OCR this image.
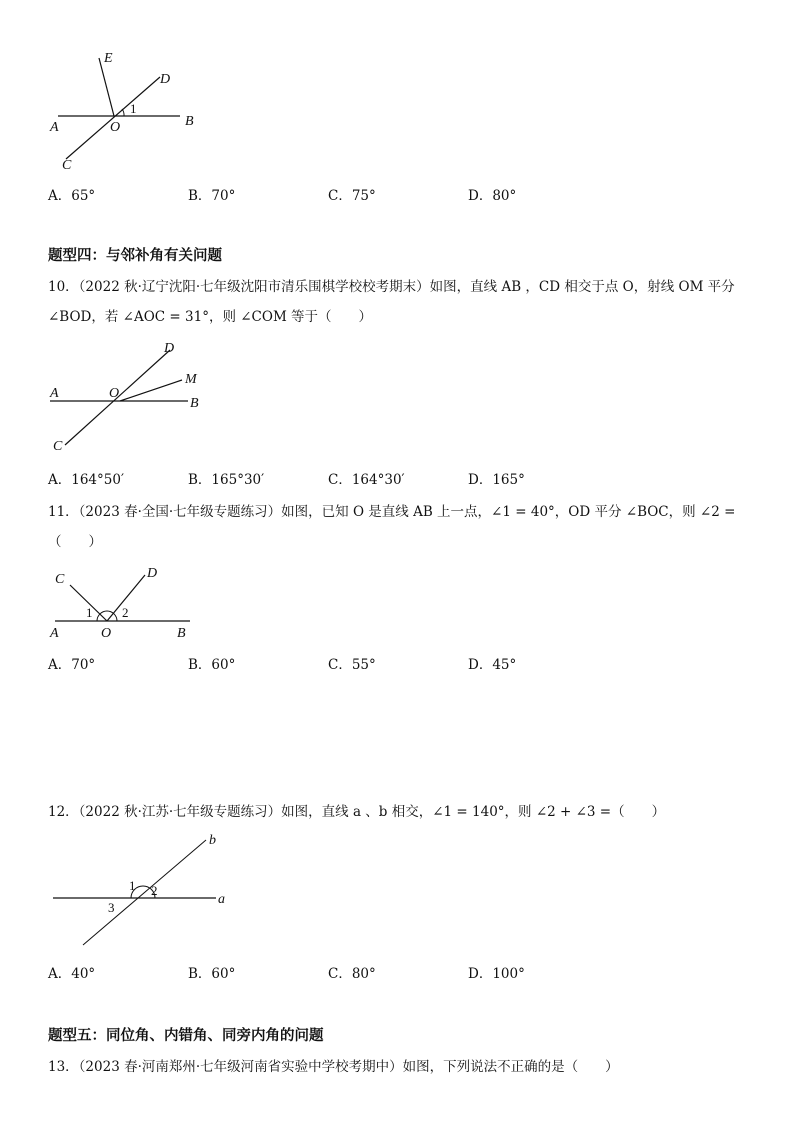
E
D
1
A	O	B
C
A．65°	B．70°	C．75°	D．80°
题型四：与邻补角有关问题
10．（2022 秋·辽宁沈阳·七年级沈阳市清乐围棋学校校考期末）如图，直线 AB ，CD 相交于点 O，射线 OM 平分
∠BOD，若 ∠AOC = 31°，则 ∠COM 等于（　　）
D
M
A	O
B
C
A．164°50′	B．165°30′	C．164°30′	D．165°
11．（2023 春·全国·七年级专题练习）如图，已知 O 是直线 AB 上一点，∠1 = 40°，OD 平分 ∠BOC，则 ∠2 =
（　　）
C	D
1 2
A	O	B
A．70°	B．60°	C．55°	D．45°
12．（2022 秋·江苏·七年级专题练习）如图，直线 a 、b 相交，∠1 = 140°，则 ∠2 + ∠3 =（　　）
b
a
1 2
3
A．40°	B．60°	C．80°	D．100°
题型五：同位角、内错角、同旁内角的问题
13．（2023 春·河南郑州·七年级河南省实验中学校考期中）如图，下列说法不正确的是（　　）
